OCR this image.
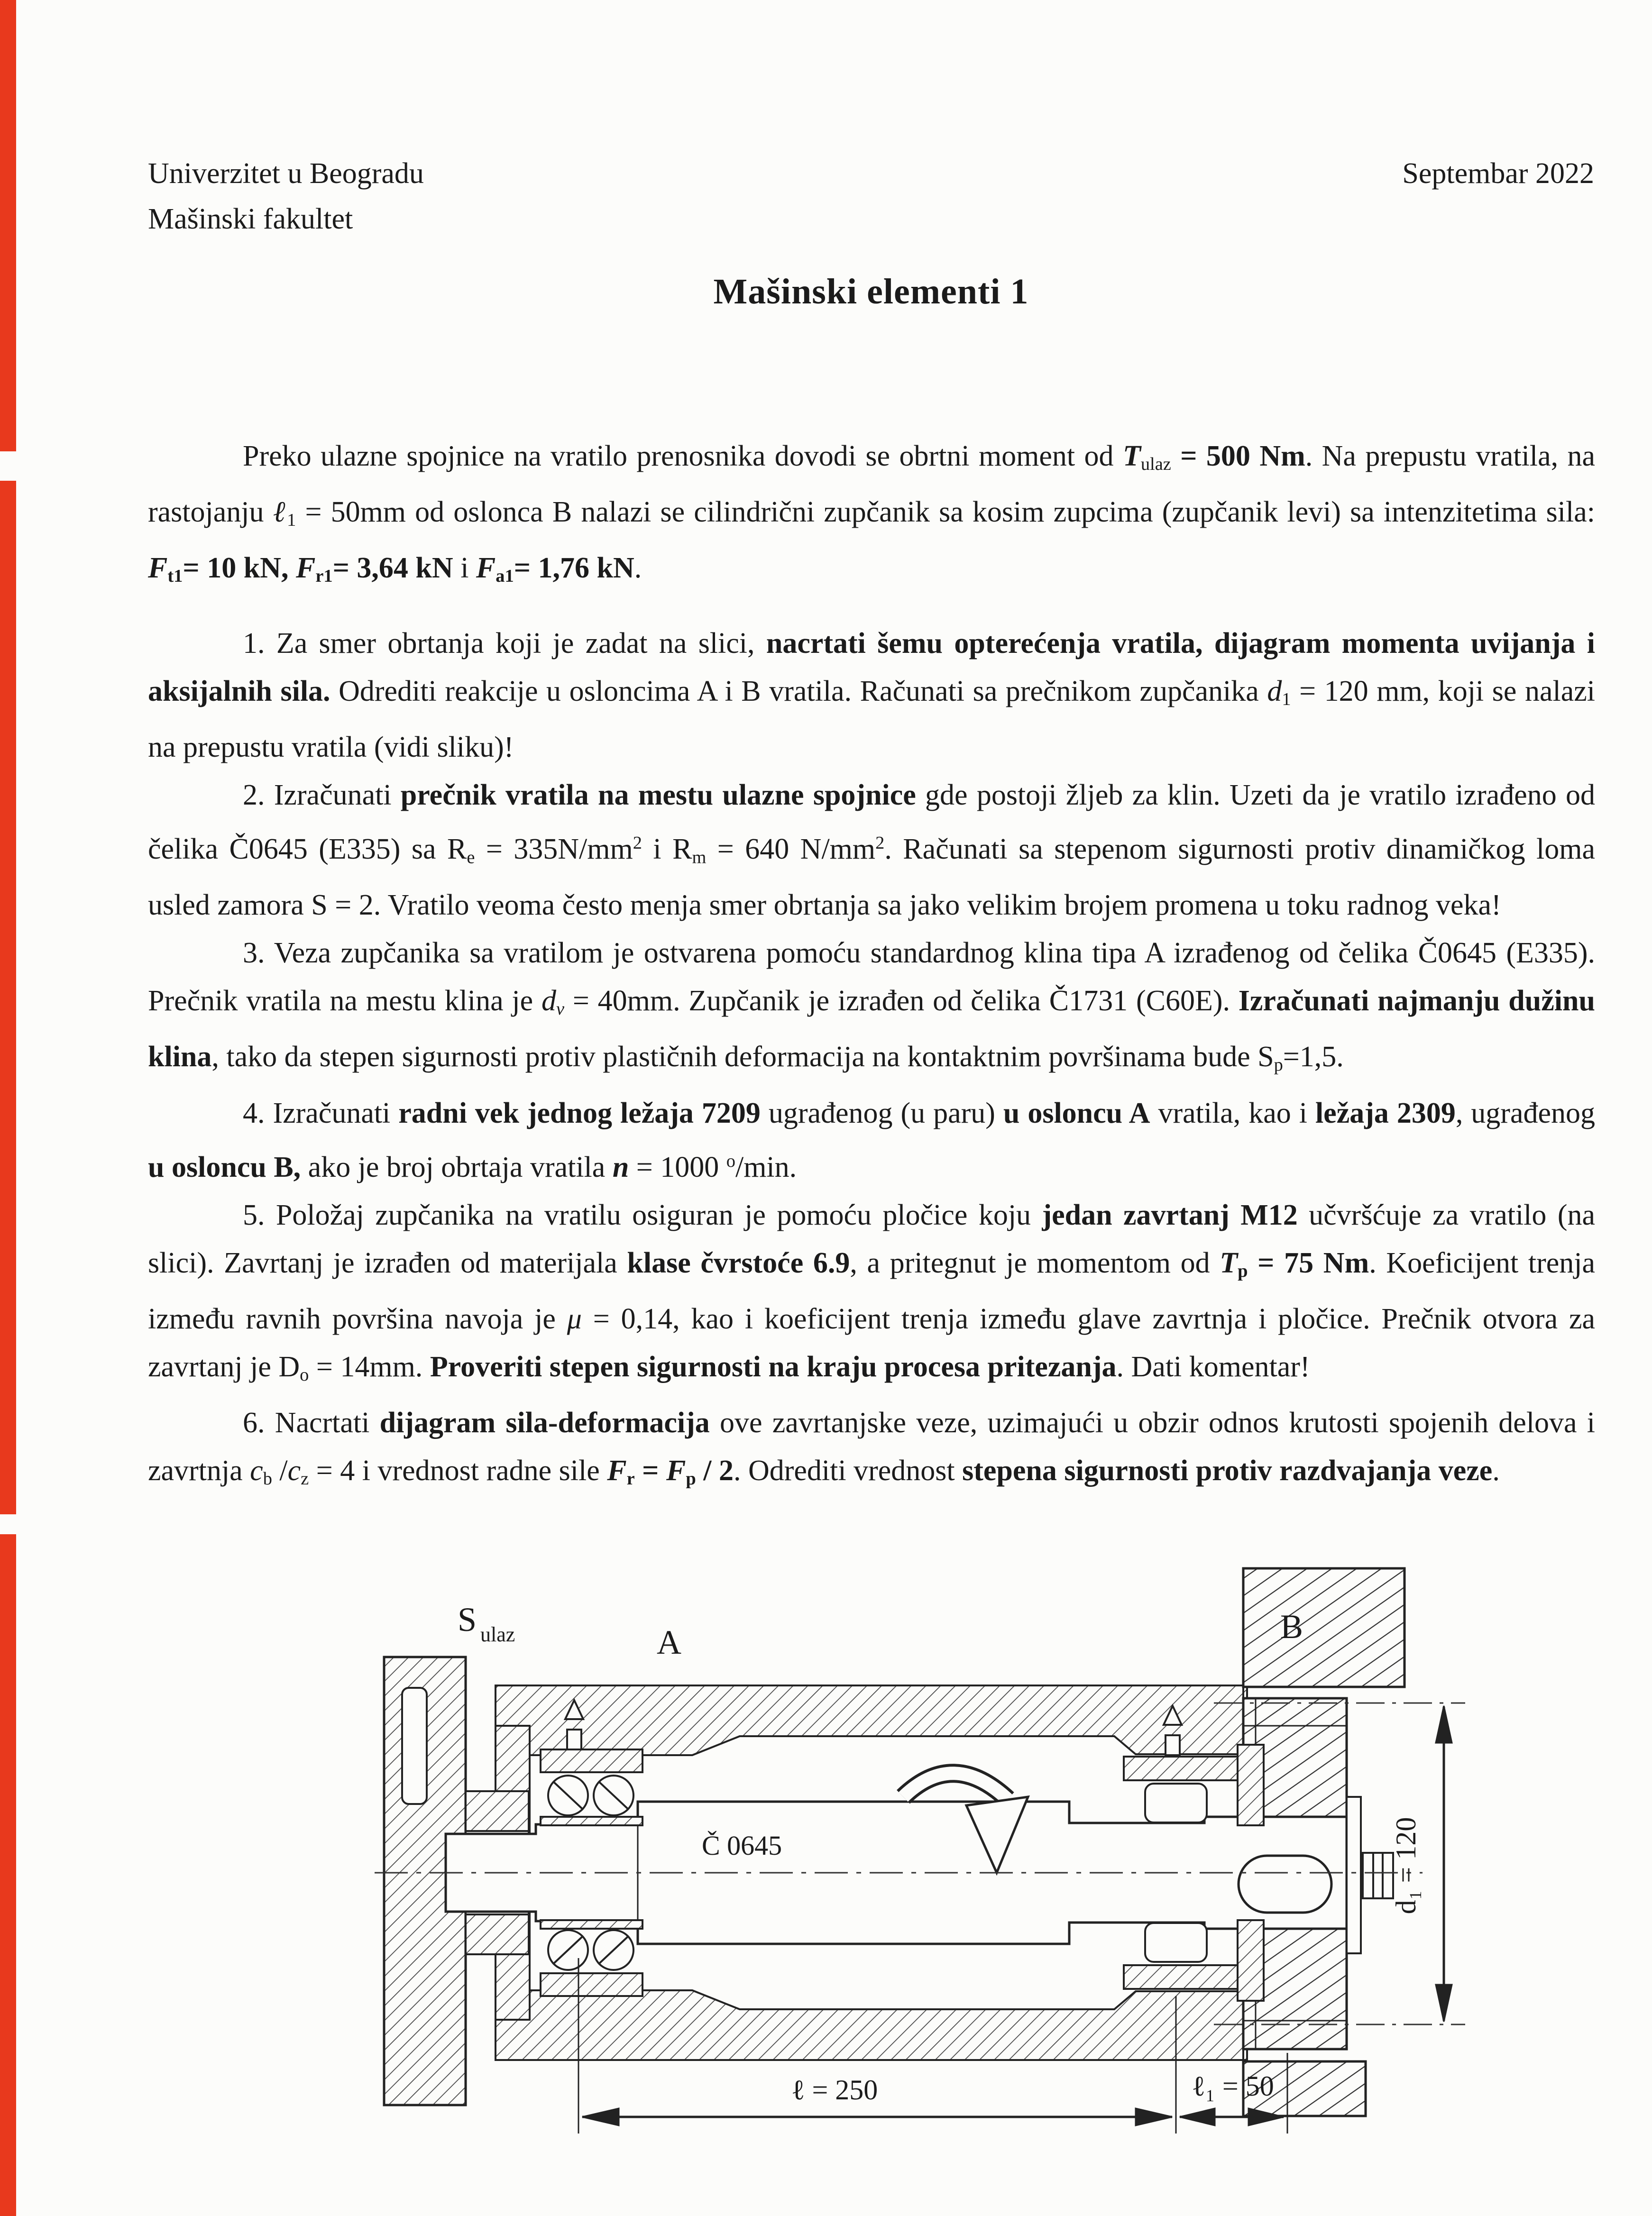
Univerzitet u Beogradu
Mašinski fakultet
Septembar 2022
Mašinski elementi 1

Preko ulazne spojnice na vratilo prenosnika dovodi se obrtni moment od $T_{ulaz} = 500$ Nm. Na prepustu vratila, na rastojanju ℓ$_1$ = 50mm od oslonca B nalazi se cilindrični zupčanik sa kosim zupcima (zupčanik levi) sa intenzitetima sila: $F_{t1}= 10$ kN, $F_{r1}= 3,64$ kN i $F_{a1}= 1,76$ kN.

1. Za smer obrtanja koji je zadat na slici, nacrtati šemu opterećenja vratila, dijagram momenta uvijanja i aksijalnih sila. Odrediti reakcije u osloncima A i B vratila. Računati sa prečnikom zupčanika $d_1 = 120$ mm, koji se nalazi na prepustu vratila (vidi sliku)!

2. Izračunati prečnik vratila na mestu ulazne spojnice gde postoji žljeb za klin. Uzeti da je vratilo izrađeno od čelika Č0645 (E335) sa $R_e = 335N/mm^2$ i $R_m = 640$ $N/mm^2$. Računati sa stepenom sigurnosti protiv dinamičkog loma usled zamora S = 2. Vratilo veoma često menja smer obrtanja sa jako velikim brojem promena u toku radnog veka!

3. Veza zupčanika sa vratilom je ostvarena pomoću standardnog klina tipa A izrađenog od čelika Č0645 (E335). Prečnik vratila na mestu klina je $d_v = 40mm$. Zupčanik je izrađen od čelika Č1731 (C60E). Izračunati najmanju dužinu klina, tako da stepen sigurnosti protiv plastičnih deformacija na kontaktnim površinama bude $S_p=1,5$.

4. Izračunati radni vek jednog ležaja 7209 ugrađenog (u paru) u osloncu A vratila, kao i ležaja 2309, ugrađenog u osloncu B, ako je broj obrtaja vratila n = 1000 $^o$/min.

5. Položaj zupčanika na vratilu osiguran je pomoću pločice koju jedan zavrtanj M12 učvršćuje za vratilo (na slici). Zavrtanj je izrađen od materijala klase čvrstoće 6.9, a pritegnut je momentom od $T_p = 75$ Nm. Koeficijent trenja između ravnih površina navoja je μ = 0,14, kao i koeficijent trenja između glave zavrtnja i pločice. Prečnik otvora za zavrtanj je $D_o = 14mm$. Proveriti stepen sigurnosti na kraju procesa pritezanja. Dati komentar!

6. Nacrtati dijagram sila-deformacija ove zavrtanjske veze, uzimajući u obzir odnos krutosti spojenih delova i zavrtnja $c_b$ $/c_z = 4$ i vrednost radne sile $F_r = F_p / 2$. Odrediti vrednost stepena sigurnosti protiv razdvajanja veze.

ℓ = 250	ℓ₁ = 50
d₁ = 120
S ulaz	A	B
Č 0645
